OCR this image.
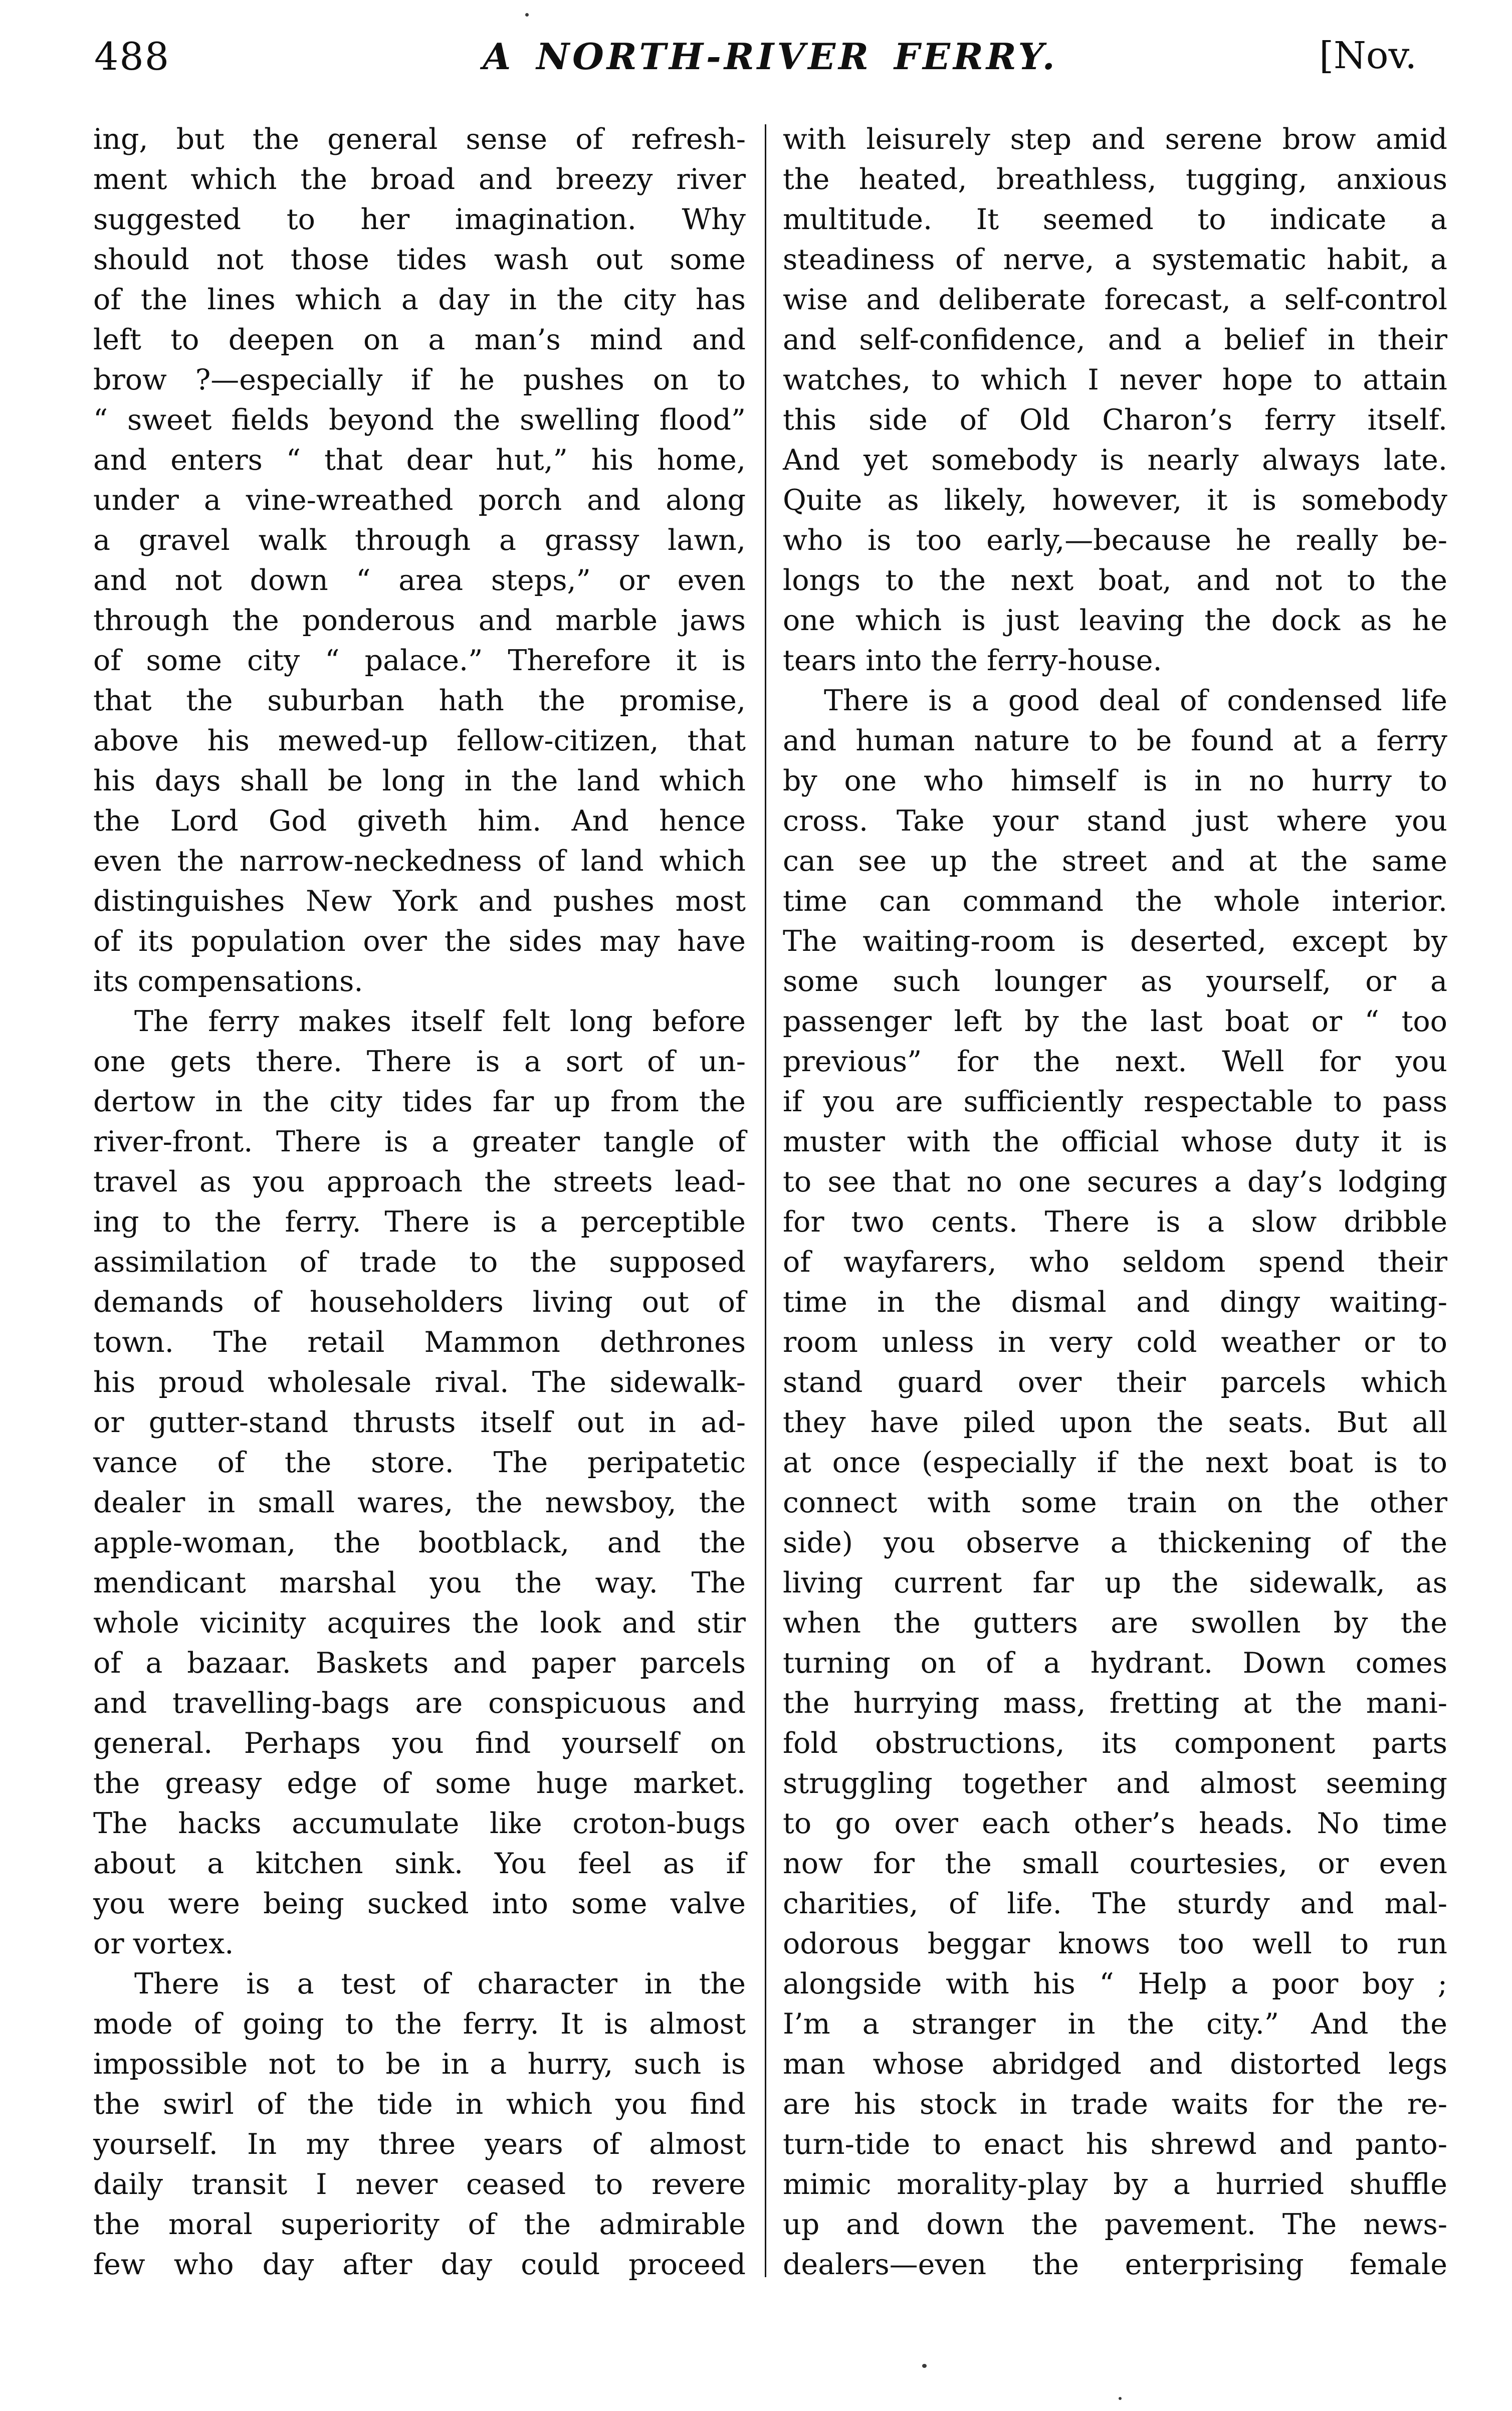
488	A NORTH-RIVER FERRY.	[Nov.
ing, but the general sense of refresh-
ment which the broad and breezy river
suggested to her imagination. Why
should not those tides wash out some
of the lines which a day in the city has
left to deepen on a man’s mind and
brow ?—especially if he pushes on to
“ sweet fields beyond the swelling flood”
and enters “ that dear hut,” his home,
under a vine-wreathed porch and along
a gravel walk through a grassy lawn,
and not down “ area steps,” or even
through the ponderous and marble jaws
of some city “ palace.” Therefore it is
that the suburban hath the promise,
above his mewed-up fellow-citizen, that
his days shall be long in the land which
the Lord God giveth him. And hence
even the narrow-neckedness of land which
distinguishes New York and pushes most
of its population over the sides may have
its compensations.
The ferry makes itself felt long before
one gets there. There is a sort of un-
dertow in the city tides far up from the
river-front. There is a greater tangle of
travel as you approach the streets lead-
ing to the ferry. There is a perceptible
assimilation of trade to the supposed
demands of householders living out of
town. The retail Mammon dethrones
his proud wholesale rival. The sidewalk-
or gutter-stand thrusts itself out in ad-
vance of the store. The peripatetic
dealer in small wares, the newsboy, the
apple-woman, the bootblack, and the
mendicant marshal you the way. The
whole vicinity acquires the look and stir
of a bazaar. Baskets and paper parcels
and travelling-bags are conspicuous and
general. Perhaps you find yourself on
the greasy edge of some huge market.
The hacks accumulate like croton-bugs
about a kitchen sink. You feel as if
you were being sucked into some valve
or vortex.
There is a test of character in the
mode of going to the ferry. It is almost
impossible not to be in a hurry, such is
the swirl of the tide in which you find
yourself. In my three years of almost
daily transit I never ceased to revere
the moral superiority of the admirable
few who day after day could proceed
with leisurely step and serene brow amid
the heated, breathless, tugging, anxious
multitude. It seemed to indicate a
steadiness of nerve, a systematic habit, a
wise and deliberate forecast, a self-control
and self-confidence, and a belief in their
watches, to which I never hope to attain
this side of Old Charon’s ferry itself.
And yet somebody is nearly always late.
Quite as likely, however, it is somebody
who is too early,—because he really be-
longs to the next boat, and not to the
one which is just leaving the dock as he
tears into the ferry-house.
There is a good deal of condensed life
and human nature to be found at a ferry
by one who himself is in no hurry to
cross. Take your stand just where you
can see up the street and at the same
time can command the whole interior.
The waiting-room is deserted, except by
some such lounger as yourself, or a
passenger left by the last boat or “ too
previous” for the next. Well for you
if you are sufficiently respectable to pass
muster with the official whose duty it is
to see that no one secures a day’s lodging
for two cents. There is a slow dribble
of wayfarers, who seldom spend their
time in the dismal and dingy waiting-
room unless in very cold weather or to
stand guard over their parcels which
they have piled upon the seats. But all
at once (especially if the next boat is to
connect with some train on the other
side) you observe a thickening of the
living current far up the sidewalk, as
when the gutters are swollen by the
turning on of a hydrant. Down comes
the hurrying mass, fretting at the mani-
fold obstructions, its component parts
struggling together and almost seeming
to go over each other’s heads. No time
now for the small courtesies, or even
charities, of life. The sturdy and mal-
odorous beggar knows too well to run
alongside with his “ Help a poor boy ;
I’m a stranger in the city.” And the
man whose abridged and distorted legs
are his stock in trade waits for the re-
turn-tide to enact his shrewd and panto-
mimic morality-play by a hurried shuffle
up and down the pavement. The news-
dealers—even the enterprising female
